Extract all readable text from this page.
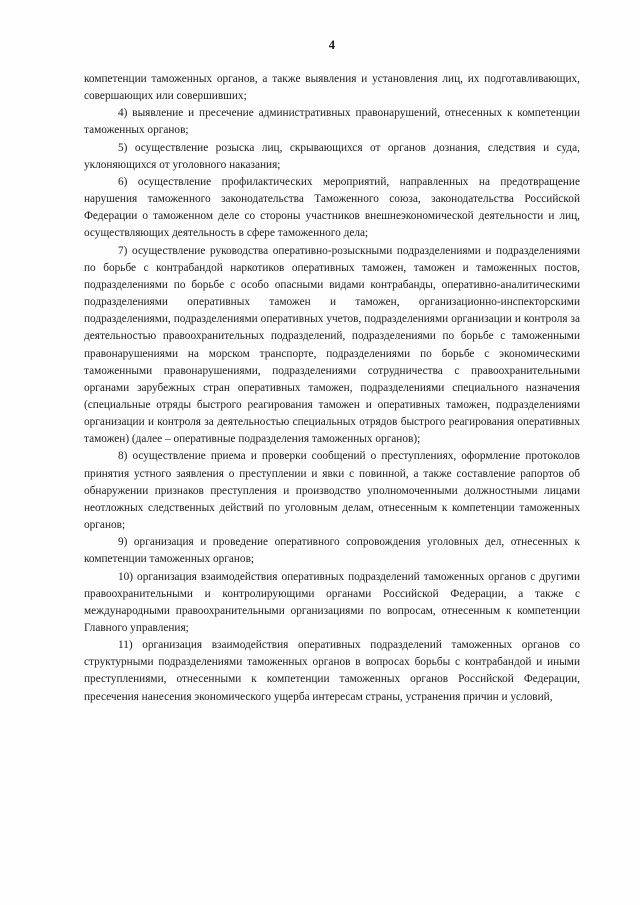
4

компетенции таможенных органов, а также выявления и установления лиц, их подготавливающих, совершающих или совершивших;

4) выявление и пресечение административных правонарушений, отнесенных к компетенции таможенных органов;

5) осуществление розыска лиц, скрывающихся от органов дознания, следствия и суда, уклоняющихся от уголовного наказания;

6) осуществление профилактических мероприятий, направленных на предотвращение нарушения таможенного законодательства Таможенного союза, законодательства Российской Федерации о таможенном деле со стороны участников внешнеэкономической деятельности и лиц, осуществляющих деятельность в сфере таможенного дела;

7) осуществление руководства оперативно-розыскными подразделениями и подразделениями по борьбе с контрабандой наркотиков оперативных таможен, таможен и таможенных постов, подразделениями по борьбе с особо опасными видами контрабанды, оперативно-аналитическими подразделениями оперативных таможен и таможен, организационно-инспекторскими подразделениями, подразделениями оперативных учетов, подразделениями организации и контроля за деятельностью правоохранительных подразделений, подразделениями по борьбе с таможенными правонарушениями на морском транспорте, подразделениями по борьбе с экономическими таможенными правонарушениями, подразделениями сотрудничества с правоохранительными органами зарубежных стран оперативных таможен, подразделениями специального назначения (специальные отряды быстрого реагирования таможен и оперативных таможен, подразделениями организации и контроля за деятельностью специальных отрядов быстрого реагирования оперативных таможен) (далее – оперативные подразделения таможенных органов);

8) осуществление приема и проверки сообщений о преступлениях, оформление протоколов принятия устного заявления о преступлении и явки с повинной, а также составление рапортов об обнаружении признаков преступления и производство уполномоченными должностными лицами неотложных следственных действий по уголовным делам, отнесенным к компетенции таможенных органов;

9) организация и проведение оперативного сопровождения уголовных дел, отнесенных к компетенции таможенных органов;

10) организация взаимодействия оперативных подразделений таможенных органов с другими правоохранительными и контролирующими органами Российской Федерации, а также с международными правоохранительными организациями по вопросам, отнесенным к компетенции Главного управления;

11) организация взаимодействия оперативных подразделений таможенных органов со структурными подразделениями таможенных органов в вопросах борьбы с контрабандой и иными преступлениями, отнесенными к компетенции таможенных органов Российской Федерации, пресечения нанесения экономического ущерба интересам страны, устранения причин и условий,
